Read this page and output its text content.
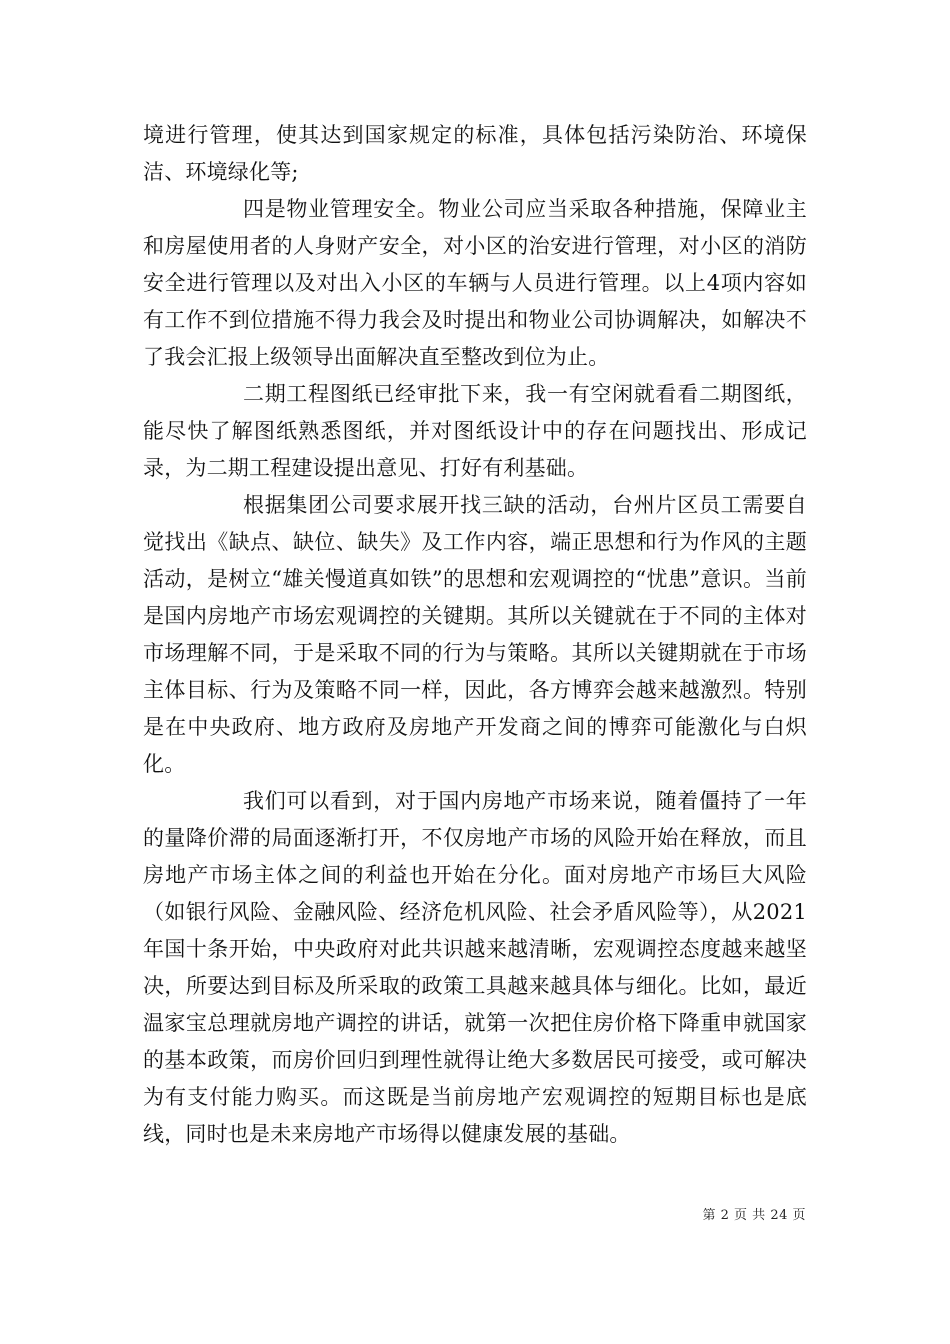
境进行管理，使其达到国家规定的标准，具体包括污染防治、环境保洁、环境绿化等;

四是物业管理安全。物业公司应当采取各种措施，保障业主和房屋使用者的人身财产安全，对小区的治安进行管理，对小区的消防安全进行管理以及对出入小区的车辆与人员进行管理。以上4项内容如有工作不到位措施不得力我会及时提出和物业公司协调解决，如解决不了我会汇报上级领导出面解决直至整改到位为止。

二期工程图纸已经审批下来，我一有空闲就看看二期图纸，能尽快了解图纸熟悉图纸，并对图纸设计中的存在问题找出、形成记录，为二期工程建设提出意见、打好有利基础。

根据集团公司要求展开找三缺的活动，台州片区员工需要自觉找出《缺点、缺位、缺失》及工作内容，端正思想和行为作风的主题活动，是树立“雄关慢道真如铁”的思想和宏观调控的“忧患”意识。当前是国内房地产市场宏观调控的关键期。其所以关键就在于不同的主体对市场理解不同，于是采取不同的行为与策略。其所以关键期就在于市场主体目标、行为及策略不同一样，因此，各方博弈会越来越激烈。特别是在中央政府、地方政府及房地产开发商之间的博弈可能激化与白炽化。

我们可以看到，对于国内房地产市场来说，随着僵持了一年的量降价滞的局面逐渐打开，不仅房地产市场的风险开始在释放，而且房地产市场主体之间的利益也开始在分化。面对房地产市场巨大风险（如银行风险、金融风险、经济危机风险、社会矛盾风险等），从2021年国十条开始，中央政府对此共识越来越清晰，宏观调控态度越来越坚决，所要达到目标及所采取的政策工具越来越具体与细化。比如，最近温家宝总理就房地产调控的讲话，就第一次把住房价格下降重申就国家的基本政策，而房价回归到理性就得让绝大多数居民可接受，或可解决为有支付能力购买。而这既是当前房地产宏观调控的短期目标也是底线，同时也是未来房地产市场得以健康发展的基础。

第 2 页 共 24 页
